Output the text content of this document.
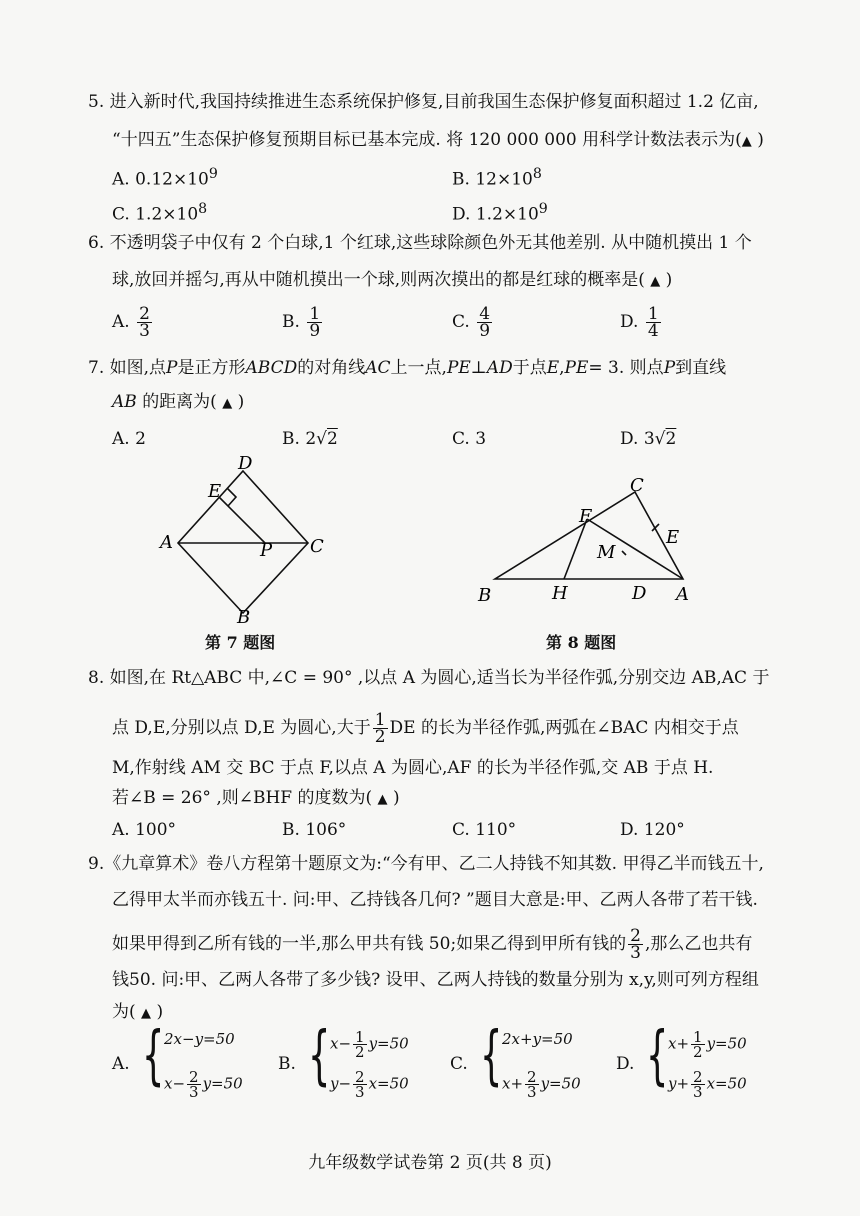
5. 进入新时代,我国持续推进生态系统保护修复,目前我国生态保护修复面积超过 1.2 亿亩,
“十四五”生态保护修复预期目标已基本完成. 将 120 000 000 用科学计数法表示为(▲ )
A. $0.12\times 10^9$	B. $12\times 10^8$
C. $1.2\times 10^8$	D. $1.2\times 10^9$
6. 不透明袋子中仅有 2 个白球,1 个红球,这些球除颜色外无其他差别. 从中随机摸出 1 个
球,放回并摇匀,再从中随机摸出一个球,则两次摸出的都是红球的概率是( ▲ )
A. $\frac{2}{3}$	B. $\frac{1}{9}$	C. $\frac{4}{9}$	D. $\frac{1}{4}$
7. 如图,点P是正方形ABCD的对角线AC上一点,PE⊥AD于点E,PE= 3. 则点P到直线
AB 的距离为( ▲ )
A. 2	B. 2√2	C. 3	D. 3√2
D
E
A	P C
B
第 7 题图
C
F
E
M
B	H	D A
第 8 题图
8. 如图,在 Rt△ABC 中,∠C = 90° ,以点 A 为圆心,适当长为半径作弧,分别交边 AB,AC 于
点 D,E,分别以点 D,E 为圆心,大于 $\frac{1}{2}$ DE 的长为半径作弧,两弧在∠BAC 内相交于点
M,作射线 AM 交 BC 于点 F,以点 A 为圆心,AF 的长为半径作弧,交 AB 于点 H.
若∠B = 26° ,则∠BHF 的度数为( ▲ )
A. 100°	B. 106°	C. 110°	D. 120°
9.《九章算术》卷八方程第十题原文为:“今有甲、乙二人持钱不知其数. 甲得乙半而钱五十,
乙得甲太半而亦钱五十. 问:甲、乙持钱各几何? ”题目大意是:甲、乙两人各带了若干钱.
如果甲得到乙所有钱的一半,那么甲共有钱 50;如果乙得到甲所有钱的 $\frac{2}{3}$ ,那么乙也共有
钱50. 问:甲、乙两人各带了多少钱? 设甲、乙两人持钱的数量分别为 x,y,则可列方程组
为( ▲ )
A. { 2x−y=50
$x- \frac{2}{3} y=50$
B. { $x- \frac{1}{2} y=50$
$y- \frac{2}{3} x=50$
C. { 2x+y=50
$x+ \frac{2}{3} y=50$
D. { $x+ \frac{1}{2} y=50$
$y+ \frac{2}{3} x=50$
九年级数学试卷第 2 页(共 8 页)
